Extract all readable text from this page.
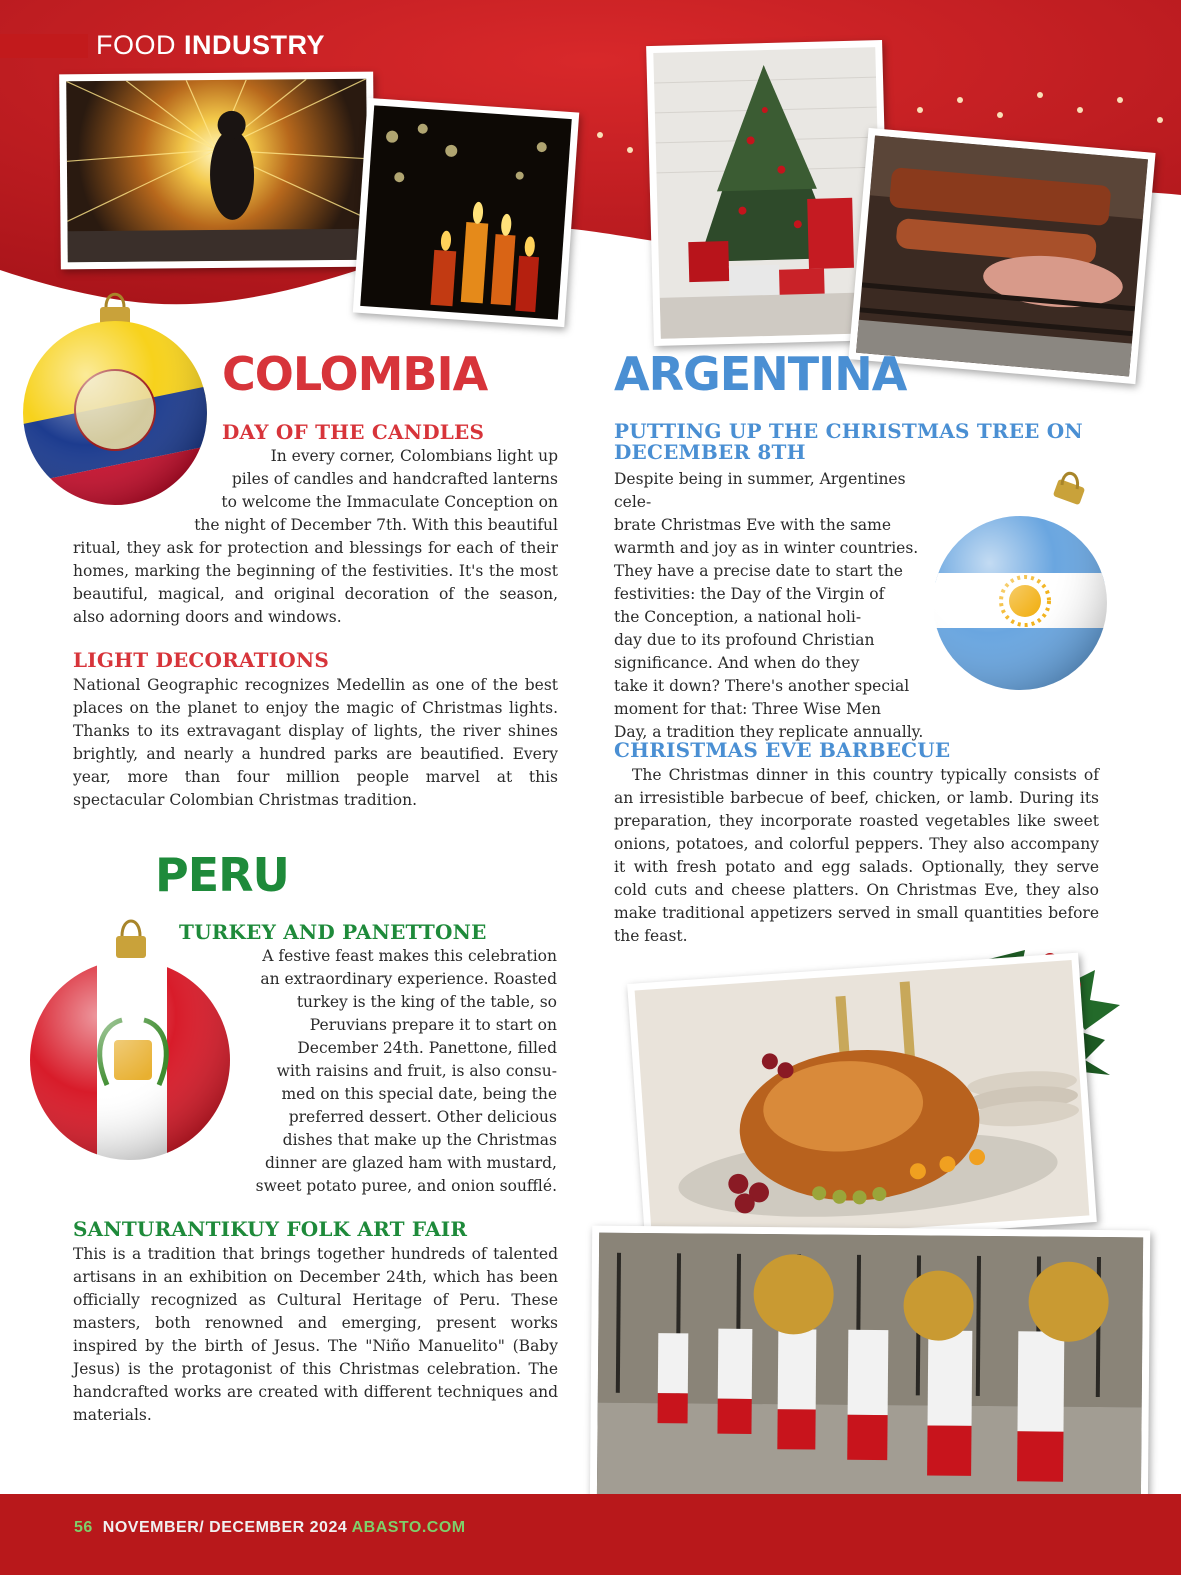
FOOD INDUSTRY
COLOMBIA
DAY OF THE CANDLES
In every corner, Colombians light up
piles of candles and handcrafted lanterns
to welcome the Immaculate Conception on
the night of December 7th. With this beautiful
ritual, they ask for protection and blessings for each of their homes, marking the beginning of the festivities. It's the most beautiful, magical, and original decoration of the season, also adorning doors and windows.
LIGHT DECORATIONS
National Geographic recognizes Medellin as one of the best places on the planet to enjoy the magic of Christmas lights. Thanks to its extravagant display of lights, the river shines brightly, and nearly a hundred parks are beautified. Every year, more than four million people marvel at this spectacular Colombian Christmas tradition.
ARGENTINA
PUTTING UP THE CHRISTMAS TREE ON DECEMBER 8TH
Despite being in summer, Argentines cele-
brate Christmas Eve with the same
warmth and joy as in winter countries.
They have a precise date to start the
festivities: the Day of the Virgin of
the Conception, a national holi-
day due to its profound Christian
significance. And when do they
take it down? There's another special
moment for that: Three Wise Men
Day, a tradition they replicate annually.
CHRISTMAS EVE BARBECUE
The Christmas dinner in this country typically consists of an irresistible barbecue of beef, chicken, or lamb. During its preparation, they incorporate roasted vegetables like sweet onions, potatoes, and colorful peppers. They also accompany it with fresh potato and egg salads. Optionally, they serve cold cuts and cheese platters. On Christmas Eve, they also make traditional appetizers served in small quantities before the feast.
PERU
TURKEY AND PANETTONE
A festive feast makes this celebration
an extraordinary experience. Roasted
turkey is the king of the table, so
Peruvians prepare it to start on
December 24th. Panettone, filled
with raisins and fruit, is also consu-
med on this special date, being the
preferred dessert. Other delicious
dishes that make up the Christmas
dinner are glazed ham with mustard,
sweet potato puree, and onion soufflé.
SANTURANTIKUY FOLK ART FAIR
This is a tradition that brings together hundreds of talented artisans in an exhibition on December 24th, which has been officially recognized as Cultural Heritage of Peru. These masters, both renowned and emerging, present works inspired by the birth of Jesus. The "Niño Manuelito" (Baby Jesus) is the protagonist of this Christmas celebration. The handcrafted works are created with different techniques and materials.
56 NOVEMBER/ DECEMBER 2024 ABASTO.COM
